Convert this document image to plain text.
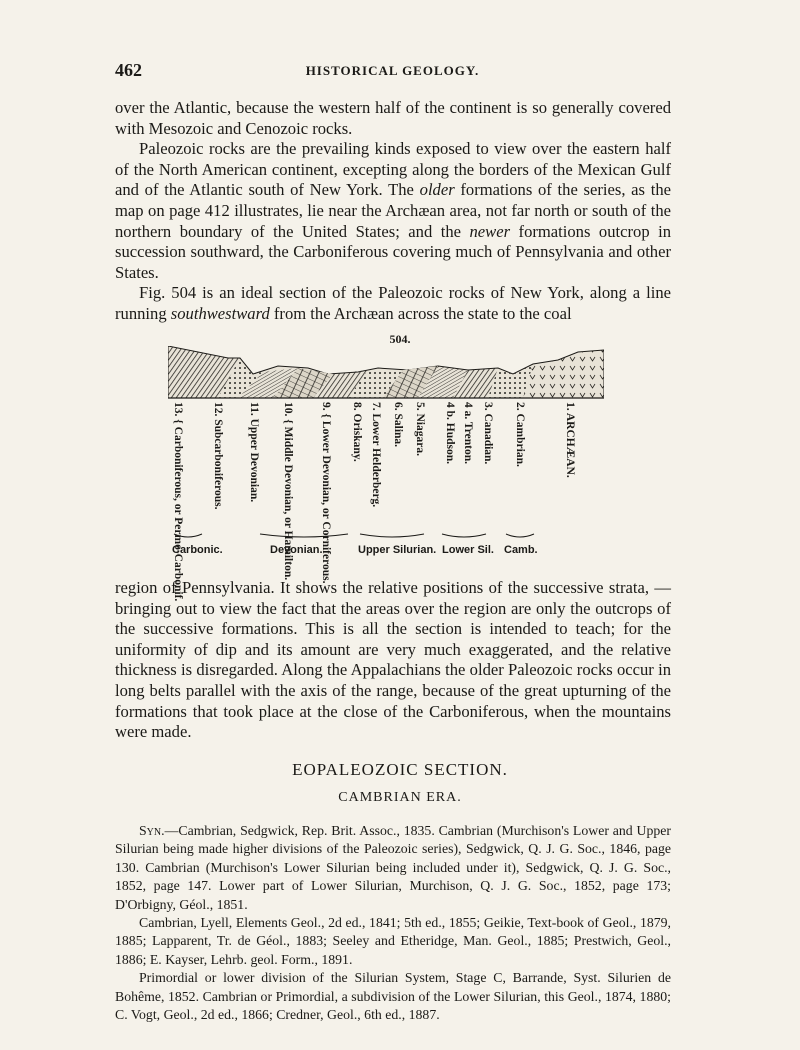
462	HISTORICAL GEOLOGY.

over the Atlantic, because the western half of the continent is so generally covered with Mesozoic and Cenozoic rocks.

Paleozoic rocks are the prevailing kinds exposed to view over the eastern half of the North American continent, excepting along the borders of the Mexican Gulf and of the Atlantic south of New York. The older formations of the series, as the map on page 412 illustrates, lie near the Archæan area, not far north or south of the northern boundary of the United States; and the newer formations outcrop in succession southward, the Carboniferous covering much of Pennsylvania and other States.

Fig. 504 is an ideal section of the Paleozoic rocks of New York, along a line running southwestward from the Archæan across the state to the coal

504.
13. { Carboniferous, or Permo-Carbonif. 12. Subcarboniferous. 11. Upper Devonian. 10. { Middle Devonian, or Hamilton. 9. { Lower Devonian, or Corniferous. 8. Oriskany. 7. Lower Helderberg. 6. Salina. 5. Niagara. 4 b. Hudson. 4 a. Trenton. 3. Canadian. 2. Cambrian.	1. ARCHÆAN.
Carbonic.	Devonian.	Upper Silurian. Lower Sil. Camb.

region of Pennsylvania. It shows the relative positions of the successive strata, —bringing out to view the fact that the areas over the region are only the outcrops of the successive formations. This is all the section is intended to teach; for the uniformity of dip and its amount are very much exaggerated, and the relative thickness is disregarded. Along the Appalachians the older Paleozoic rocks occur in long belts parallel with the axis of the range, because of the great upturning of the formations that took place at the close of the Carboniferous, when the mountains were made.

EOPALEOZOIC SECTION.
CAMBRIAN ERA.

Syn.—Cambrian, Sedgwick, Rep. Brit. Assoc., 1835. Cambrian (Murchison's Lower and Upper Silurian being made higher divisions of the Paleozoic series), Sedgwick, Q. J. G. Soc., 1846, page 130. Cambrian (Murchison's Lower Silurian being included under it), Sedgwick, Q. J. G. Soc., 1852, page 147. Lower part of Lower Silurian, Murchison, Q. J. G. Soc., 1852, page 173; D'Orbigny, Géol., 1851.

Cambrian, Lyell, Elements Geol., 2d ed., 1841; 5th ed., 1855; Geikie, Text-book of Geol., 1879, 1885; Lapparent, Tr. de Géol., 1883; Seeley and Etheridge, Man. Geol., 1885; Prestwich, Geol., 1886; E. Kayser, Lehrb. geol. Form., 1891.

Primordial or lower division of the Silurian System, Stage C, Barrande, Syst. Silurien de Bohême, 1852. Cambrian or Primordial, a subdivision of the Lower Silurian, this Geol., 1874, 1880; C. Vogt, Geol., 2d ed., 1866; Credner, Geol., 6th ed., 1887.
